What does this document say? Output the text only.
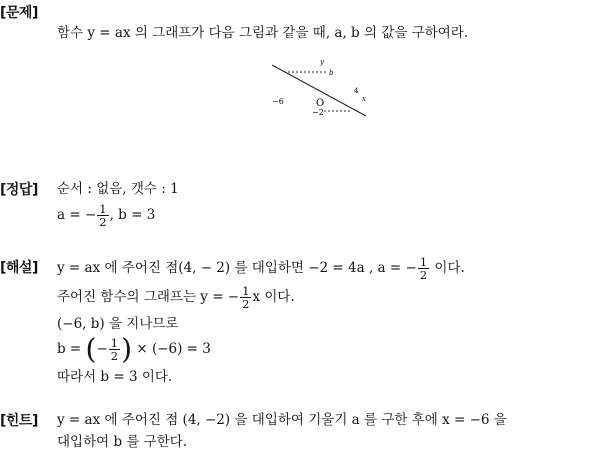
[문제]
함수 y = ax 의 그래프가 다음 그림과 같을 때, a, b 의 값을 구하여라.
y
b
−6	O	x
4
−2
[정답] 순서 : 없음, 갯수 : 1
a = − $\frac{1}{2}$ , b = 3
[해설] y = ax 에 주어진 점(4, − 2) 를 대입하면 −2 = 4a , a = − $\frac{1}{2}$ 이다.
주어진 함수의 그래프는 y = − $\frac{1}{2}$ x 이다.
(−6, b) 을 지나므로
b = (− $\frac{1}{2}$ ) × (−6) = 3
따라서 b = 3 이다.
[힌트] y = ax 에 주어진 점 (4, −2) 을 대입하여 기울기 a 를 구한 후에 x = −6 을
대입하여 b 를 구한다.
